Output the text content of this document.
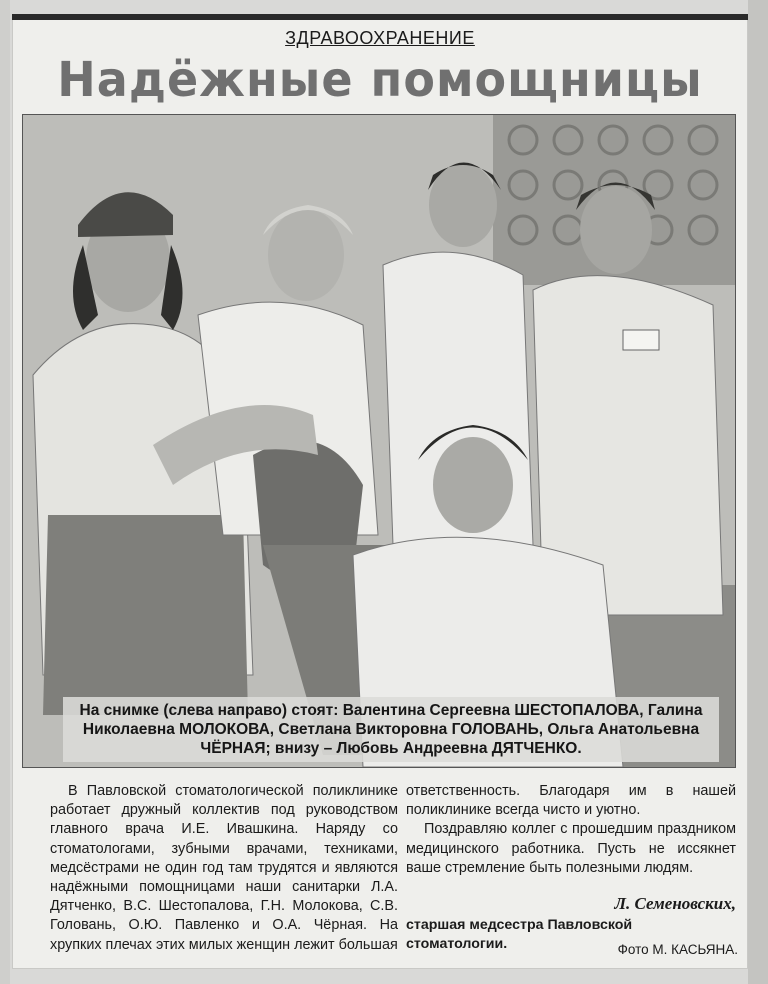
ЗДРАВООХРАНЕНИЕ
Надёжные помощницы
На снимке (слева направо) стоят: Валентина Сергеевна ШЕСТОПАЛОВА, Галина Николаевна МОЛОКОВА, Светлана Викторовна ГОЛОВАНЬ, Ольга Анатольевна ЧЁРНАЯ; внизу – Любовь Андреевна ДЯТЧЕНКО.
В Павловской стоматологической поликлинике работает дружный коллектив под руководством главного врача И.Е. Ивашкина. Наряду со стоматологами, зубными врачами, техниками, медсёстрами не один год там трудятся и являются надёжными помощницами наши санитарки Л.А. Дятченко, В.С. Шестопалова, Г.Н. Молокова, С.В. Головань, О.Ю. Павленко и О.А. Чёрная. На хрупких плечах этих милых женщин лежит большая

ответственность. Благодаря им в нашей поликлинике всегда чисто и уютно.

Поздравляю коллег с прошедшим праздником медицинского работника. Пусть не иссякнет ваше стремление быть полезными людям.

Л. Семеновских,
старшая медсестра Павловской стоматологии.	Фото М. КАСЬЯНА.
